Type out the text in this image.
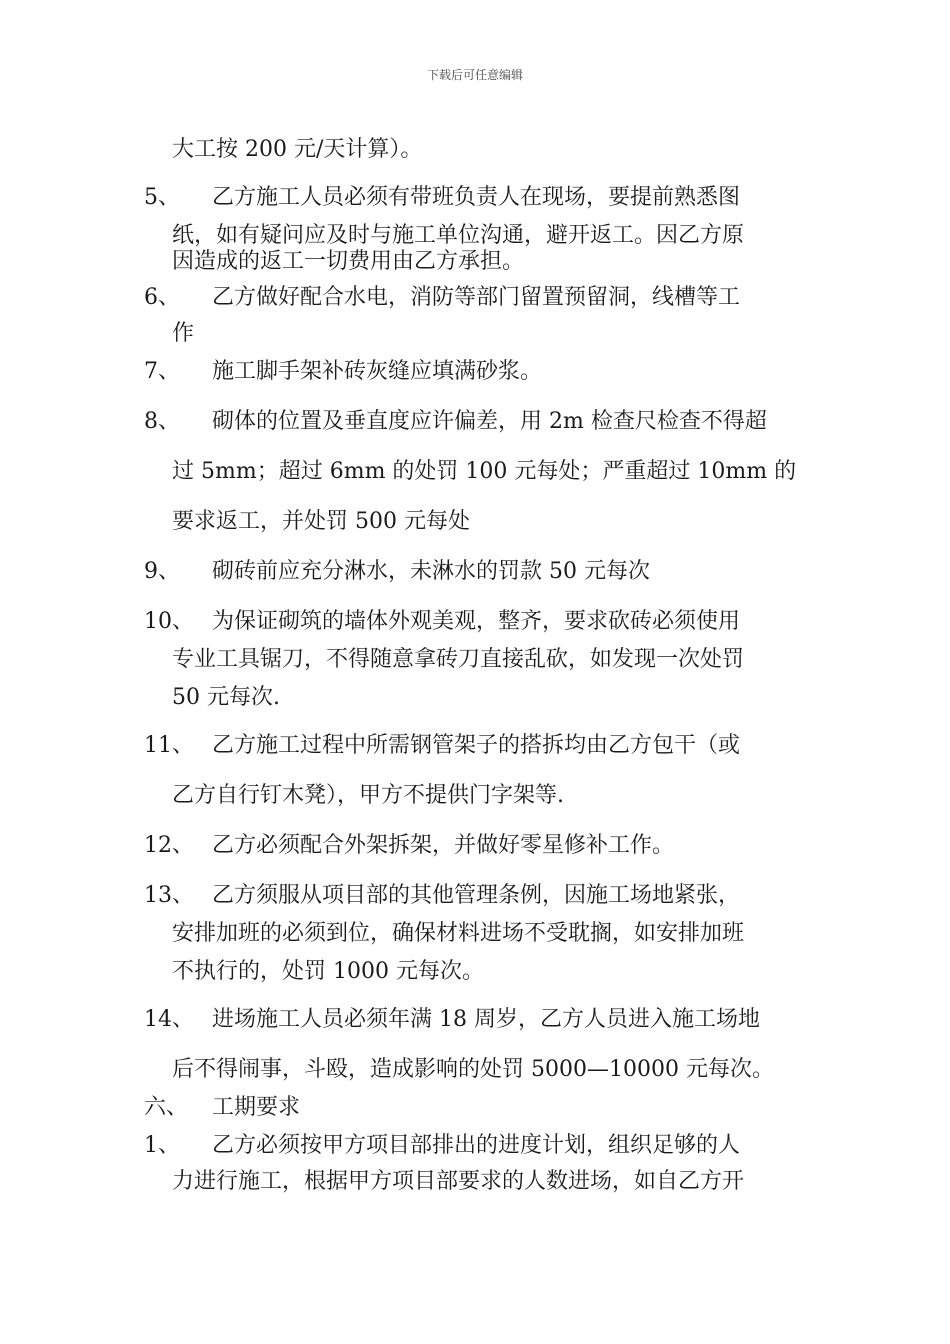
下载后可任意编辑
大工按 200 元/天计算）。
5、 乙方施工人员必须有带班负责人在现场，要提前熟悉图
纸，如有疑问应及时与施工单位沟通，避开返工。因乙方原
因造成的返工一切费用由乙方承担。
6、 乙方做好配合水电，消防等部门留置预留洞，线槽等工
作
7、 施工脚手架补砖灰缝应填满砂浆。
8、 砌体的位置及垂直度应许偏差，用 2m 检查尺检查不得超
过 5mm；超过 6mm 的处罚 100 元每处；严重超过 10mm 的
要求返工，并处罚 500 元每处
9、 砌砖前应充分淋水，未淋水的罚款 50 元每次
10、 为保证砌筑的墙体外观美观，整齐，要求砍砖必须使用
专业工具锯刀，不得随意拿砖刀直接乱砍，如发现一次处罚
50 元每次.
11、 乙方施工过程中所需钢管架子的搭拆均由乙方包干（或
乙方自行钉木凳），甲方不提供门字架等.
12、 乙方必须配合外架拆架，并做好零星修补工作。
13、 乙方须服从项目部的其他管理条例，因施工场地紧张，
安排加班的必须到位，确保材料进场不受耽搁，如安排加班
不执行的，处罚 1000 元每次。
14、 进场施工人员必须年满 18 周岁，乙方人员进入施工场地
后不得闹事，斗殴，造成影响的处罚 5000—10000 元每次。
六、 工期要求
1、 乙方必须按甲方项目部排出的进度计划，组织足够的人
力进行施工，根据甲方项目部要求的人数进场，如自乙方开
